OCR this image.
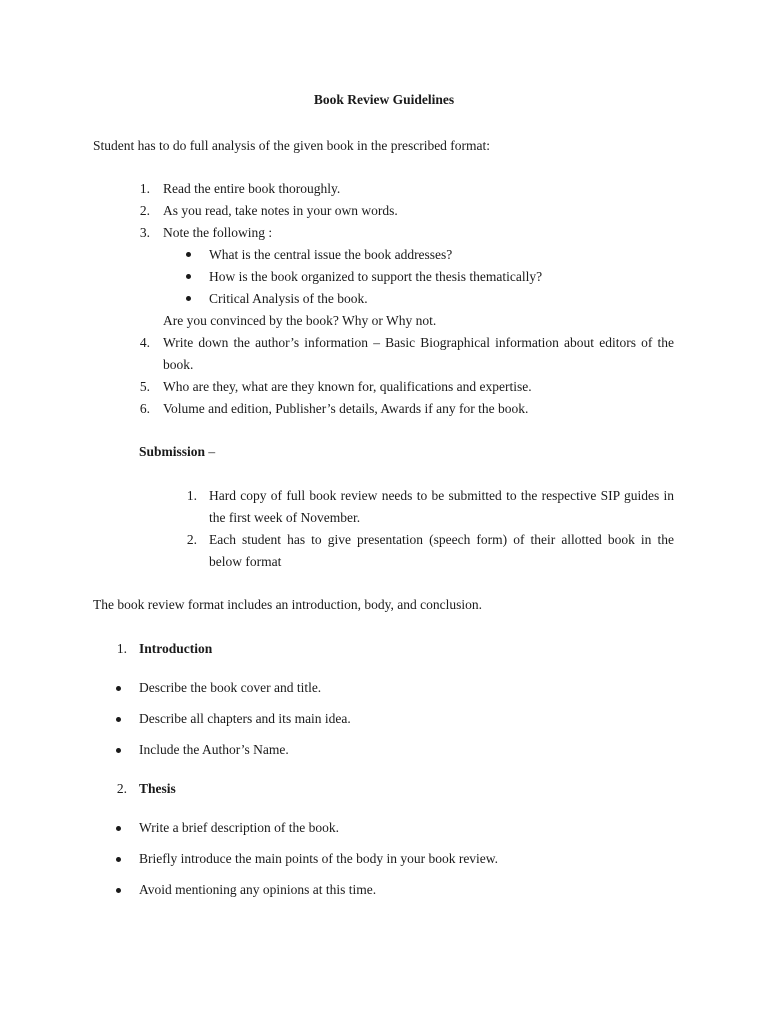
Book Review Guidelines
Student has to do full analysis of the given book in the prescribed format:
1. Read the entire book thoroughly.
2. As you read, take notes in your own words.
3. Note the following :
What is the central issue the book addresses?
How is the book organized to support the thesis thematically?
Critical Analysis of the book.
Are you convinced by the book? Why or Why not.
4. Write down the author’s information – Basic Biographical information about editors of the book.
5. Who are they, what are they known for, qualifications and expertise.
6. Volume and edition, Publisher’s details, Awards if any for the book.
Submission –
1. Hard copy of full book review needs to be submitted to the respective SIP guides in the first week of November.
2. Each student has to give presentation (speech form) of their allotted book in the below format
The book review format includes an introduction, body, and conclusion.
1. Introduction
Describe the book cover and title.
Describe all chapters and its main idea.
Include the Author’s Name.
2. Thesis
Write a brief description of the book.
Briefly introduce the main points of the body in your book review.
Avoid mentioning any opinions at this time.
